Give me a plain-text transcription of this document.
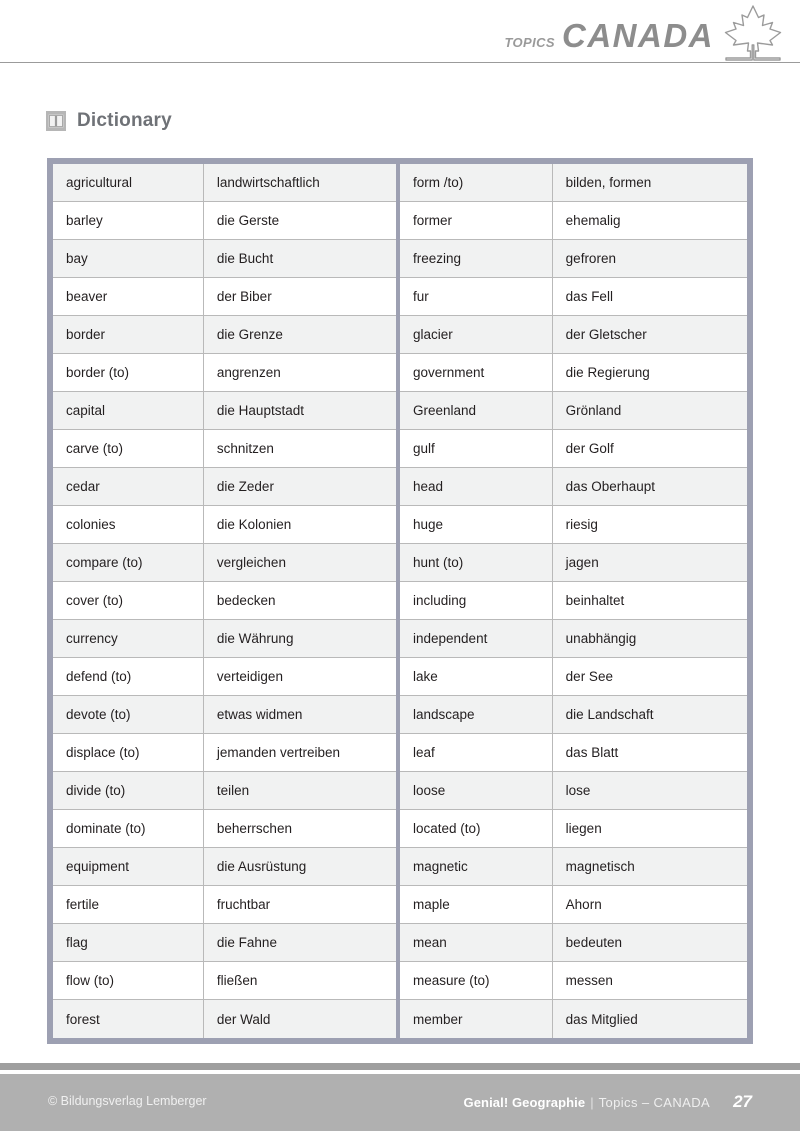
TOPICS CANADA
Dictionary
agricultural	landwirtschaftlich
barley	die Gerste
bay	die Bucht
beaver	der Biber
border	die Grenze
border (to)	angrenzen
capital	die Hauptstadt
carve (to)	schnitzen
cedar	die Zeder
colonies	die Kolonien
compare (to)	vergleichen
cover (to)	bedecken
currency	die Währung
defend (to)	verteidigen
devote (to)	etwas widmen
displace (to)	jemanden vertreiben
divide (to)	teilen
dominate (to)	beherrschen
equipment	die Ausrüstung
fertile	fruchtbar
flag	die Fahne
flow (to)	fließen
forest	der Wald
form /to)	bilden, formen
former	ehemalig
freezing	gefroren
fur	das Fell
glacier	der Gletscher
government	die Regierung
Greenland	Grönland
gulf	der Golf
head	das Oberhaupt
huge	riesig
hunt (to)	jagen
including	beinhaltet
independent	unabhängig
lake	der See
landscape	die Landschaft
leaf	das Blatt
loose	lose
located (to)	liegen
magnetic	magnetisch
maple	Ahorn
mean	bedeuten
measure (to)	messen
member	das Mitglied
© Bildungsverlag Lemberger	Genial! Geographie | Topics – CANADA 27
